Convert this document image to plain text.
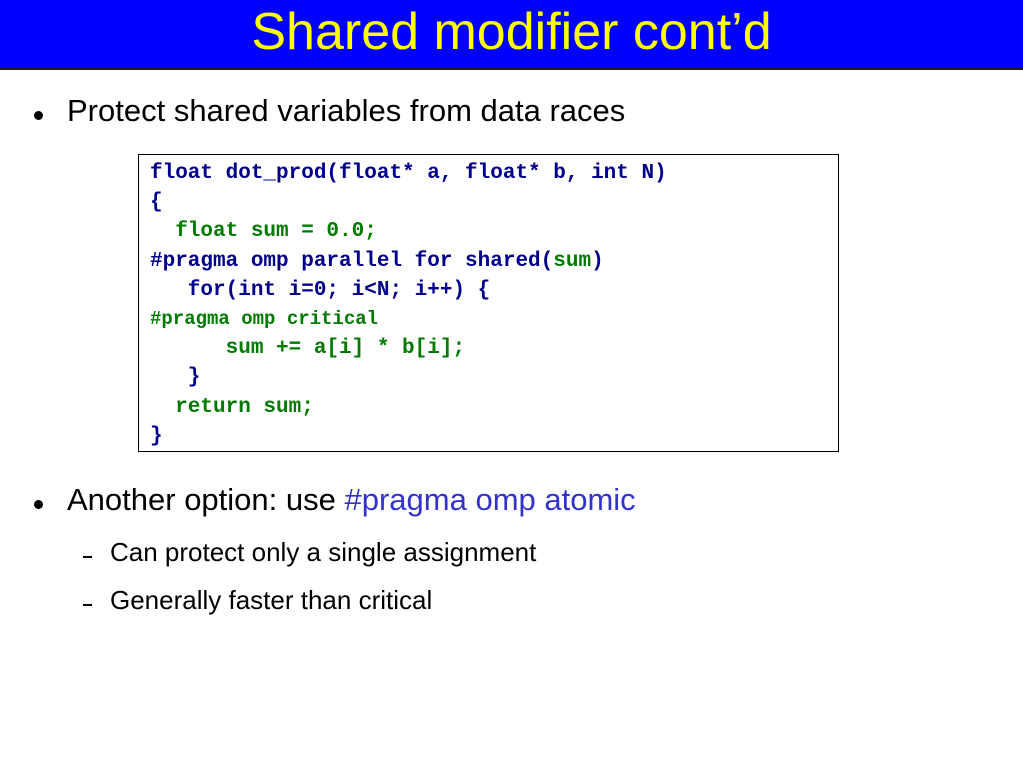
Shared modifier cont’d
Protect shared variables from data races
float dot_prod(float* a, float* b, int N)
{
float sum = 0.0;
#pragma omp parallel for shared(sum)
for(int i=0; i<N; i++) {
#pragma omp critical
sum += a[i] * b[i];
}
return sum;
}
Another option: use #pragma omp atomic
Can protect only a single assignment
Generally faster than critical
